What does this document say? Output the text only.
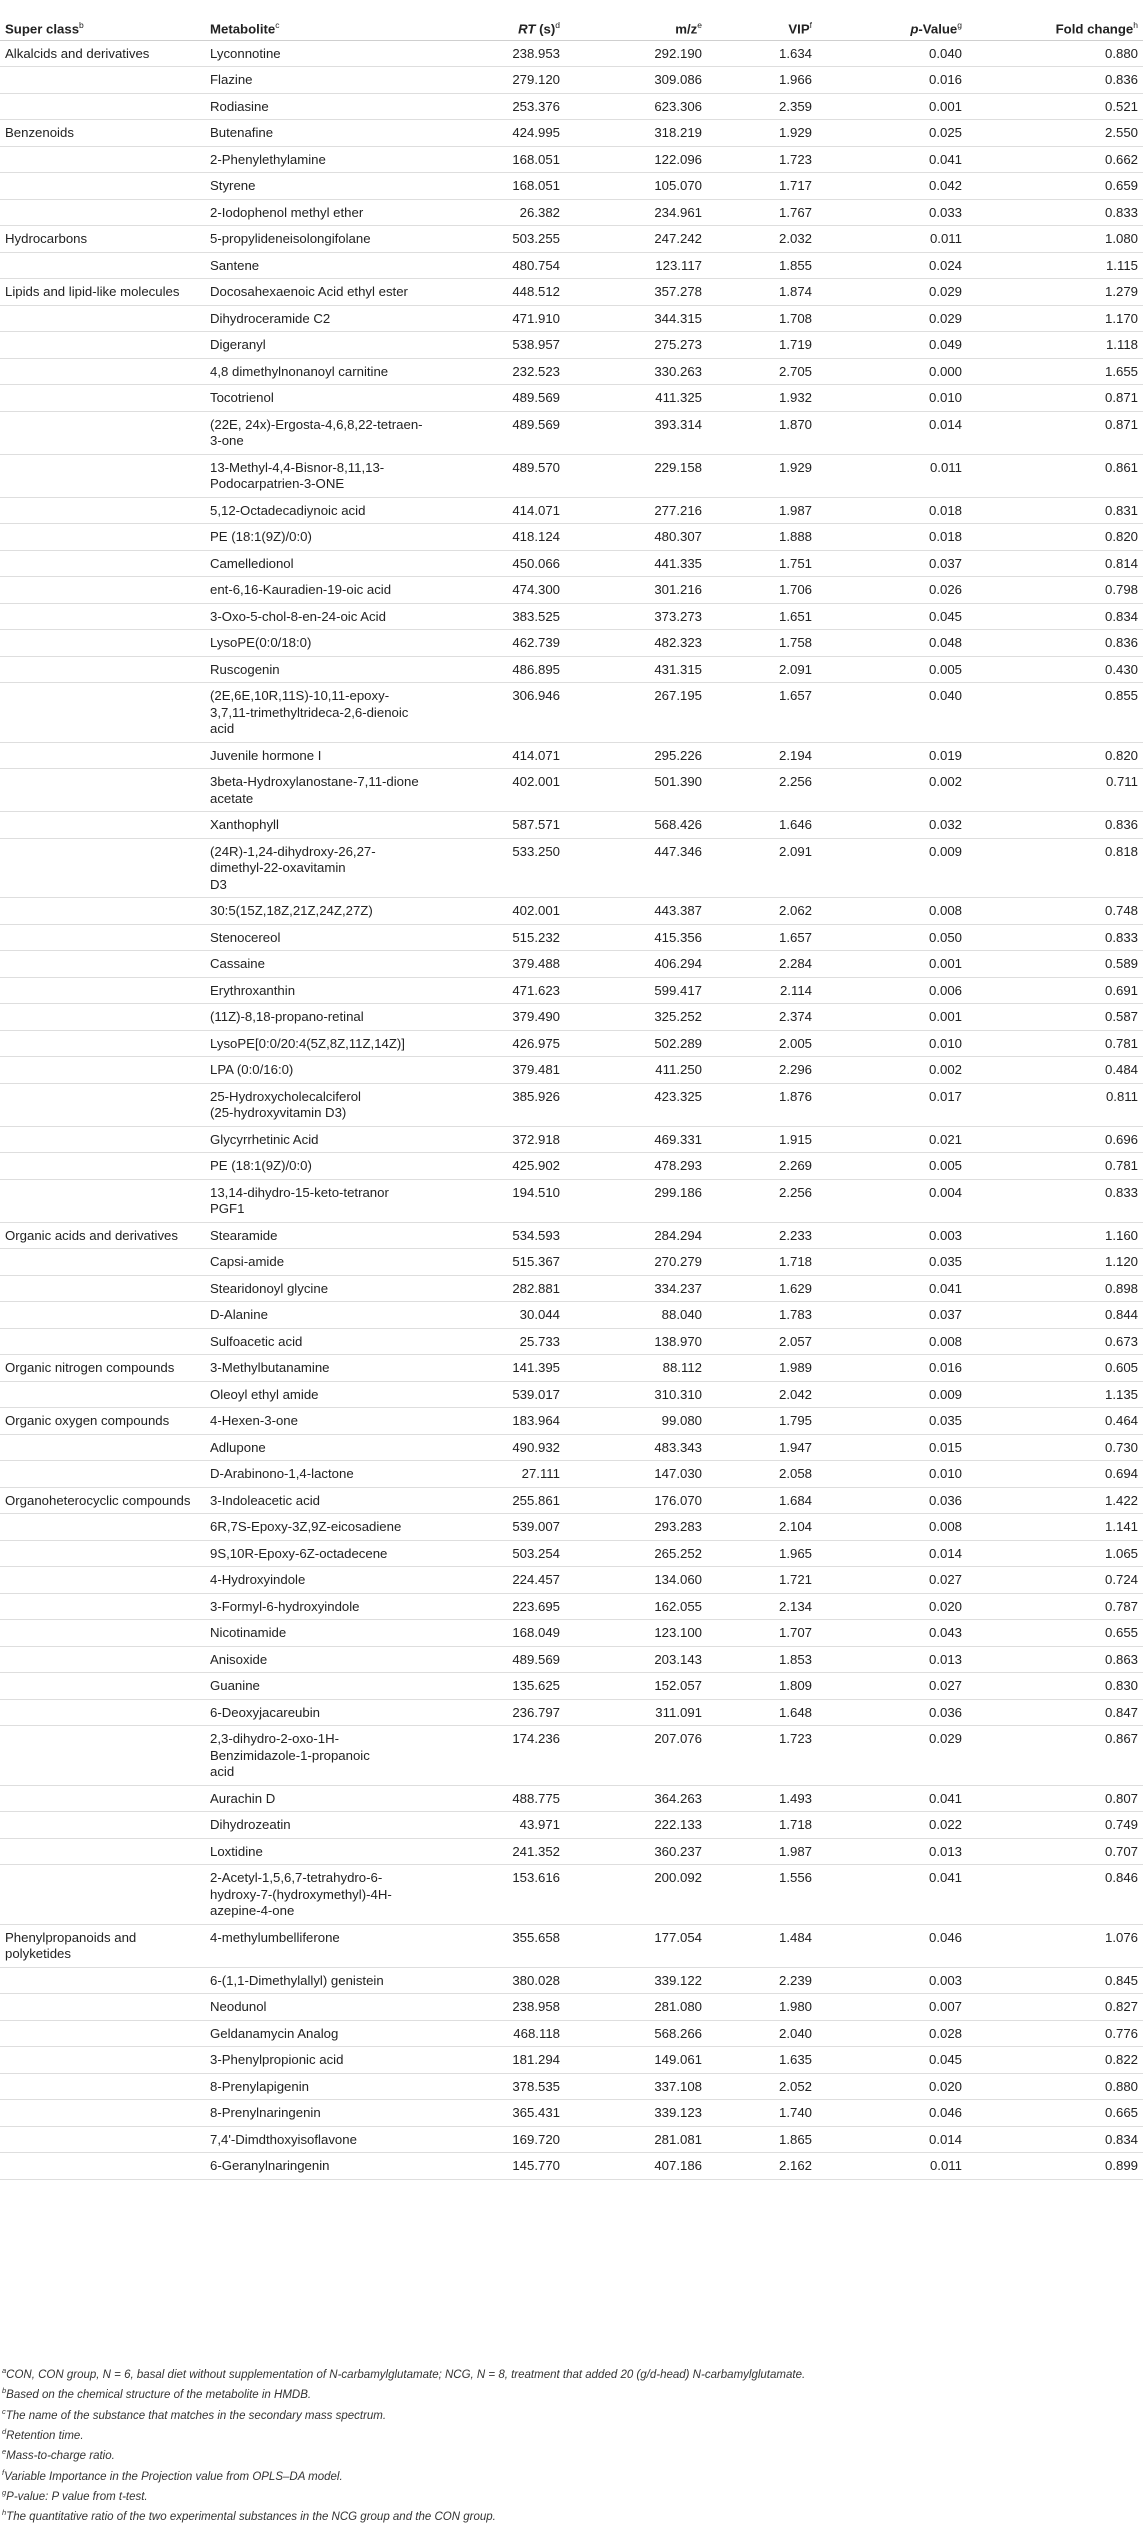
Super class$^b$	Metabolite$^c$	RT $(s)^d$	$m/z^e$	VIP$^f$	p-Value$^g$	Fold change$^h$
Alkalcids and derivatives	Lyconnotine	238.953	292.190	1.634	0.040	0.880
	Flazine	279.120	309.086	1.966	0.016	0.836
	Rodiasine	253.376	623.306	2.359	0.001	0.521
Benzenoids	Butenafine	424.995	318.219	1.929	0.025	2.550
	2-Phenylethylamine	168.051	122.096	1.723	0.041	0.662
	Styrene	168.051	105.070	1.717	0.042	0.659
	2-Iodophenol methyl ether	26.382	234.961	1.767	0.033	0.833
Hydrocarbons	5-propylideneisolongifolane	503.255	247.242	2.032	0.011	1.080
	Santene	480.754	123.117	1.855	0.024	1.115
Lipids and lipid-like molecules	Docosahexaenoic Acid ethyl ester	448.512	357.278	1.874	0.029	1.279
	Dihydroceramide C2	471.910	344.315	1.708	0.029	1.170
	Digeranyl	538.957	275.273	1.719	0.049	1.118
	4,8 dimethylnonanoyl carnitine	232.523	330.263	2.705	0.000	1.655
	Tocotrienol	489.569	411.325	1.932	0.010	0.871
	(22E, 24x)-Ergosta-4,6,8,22-tetraen-3-one	489.569	393.314	1.870	0.014	0.871
	13-Methyl-4,4-Bisnor-8,11,13-Podocarpatrien-3-ONE	489.570	229.158	1.929	0.011	0.861
	5,12-Octadecadiynoic acid	414.071	277.216	1.987	0.018	0.831
	PE (18:1(9Z)/0:0)	418.124	480.307	1.888	0.018	0.820
	Camelledionol	450.066	441.335	1.751	0.037	0.814
	ent-6,16-Kauradien-19-oic acid	474.300	301.216	1.706	0.026	0.798
	3-Oxo-5-chol-8-en-24-oic Acid	383.525	373.273	1.651	0.045	0.834
	LysoPE(0:0/18:0)	462.739	482.323	1.758	0.048	0.836
	Ruscogenin	486.895	431.315	2.091	0.005	0.430
	(2E,6E,10R,11S)-10,11-epoxy-3,7,11-trimethyltrideca-2,6-dienoic
acid	306.946	267.195	1.657	0.040	0.855
	Juvenile hormone I	414.071	295.226	2.194	0.019	0.820
	3beta-Hydroxylanostane-7,11-dione
acetate	402.001	501.390	2.256	0.002	0.711
	Xanthophyll	587.571	568.426	1.646	0.032	0.836
	(24R)-1,24-dihydroxy-26,27-dimethyl-22-oxavitamin
D3	533.250	447.346	2.091	0.009	0.818
	30:5(15Z,18Z,21Z,24Z,27Z)	402.001	443.387	2.062	0.008	0.748
	Stenocereol	515.232	415.356	1.657	0.050	0.833
	Cassaine	379.488	406.294	2.284	0.001	0.589
	Erythroxanthin	471.623	599.417	2.114	0.006	0.691
	(11Z)-8,18-propano-retinal	379.490	325.252	2.374	0.001	0.587
	LysoPE[0:0/20:4(5Z,8Z,11Z,14Z)]	426.975	502.289	2.005	0.010	0.781
	LPA (0:0/16:0)	379.481	411.250	2.296	0.002	0.484
	25-Hydroxycholecalciferol
(25-hydroxyvitamin D3)	385.926	423.325	1.876	0.017	0.811
	Glycyrrhetinic Acid	372.918	469.331	1.915	0.021	0.696
	PE (18:1(9Z)/0:0)	425.902	478.293	2.269	0.005	0.781
	13,14-dihydro-15-keto-tetranor PGF1	194.510	299.186	2.256	0.004	0.833
Organic acids and derivatives	Stearamide	534.593	284.294	2.233	0.003	1.160
	Capsi-amide	515.367	270.279	1.718	0.035	1.120
	Stearidonoyl glycine	282.881	334.237	1.629	0.041	0.898
	D-Alanine	30.044	88.040	1.783	0.037	0.844
	Sulfoacetic acid	25.733	138.970	2.057	0.008	0.673
Organic nitrogen compounds	3-Methylbutanamine	141.395	88.112	1.989	0.016	0.605
	Oleoyl ethyl amide	539.017	310.310	2.042	0.009	1.135
Organic oxygen compounds	4-Hexen-3-one	183.964	99.080	1.795	0.035	0.464
	Adlupone	490.932	483.343	1.947	0.015	0.730
	D-Arabinono-1,4-lactone	27.111	147.030	2.058	0.010	0.694
Organoheterocyclic compounds	3-Indoleacetic acid	255.861	176.070	1.684	0.036	1.422
	6R,7S-Epoxy-3Z,9Z-eicosadiene	539.007	293.283	2.104	0.008	1.141
	9S,10R-Epoxy-6Z-octadecene	503.254	265.252	1.965	0.014	1.065
	4-Hydroxyindole	224.457	134.060	1.721	0.027	0.724
	3-Formyl-6-hydroxyindole	223.695	162.055	2.134	0.020	0.787
	Nicotinamide	168.049	123.100	1.707	0.043	0.655
	Anisoxide	489.569	203.143	1.853	0.013	0.863
	Guanine	135.625	152.057	1.809	0.027	0.830
	6-Deoxyjacareubin	236.797	311.091	1.648	0.036	0.847
	2,3-dihydro-2-oxo-1H-Benzimidazole-1-propanoic
acid	174.236	207.076	1.723	0.029	0.867
	Aurachin D	488.775	364.263	1.493	0.041	0.807
	Dihydrozeatin	43.971	222.133	1.718	0.022	0.749
	Loxtidine	241.352	360.237	1.987	0.013	0.707
	2-Acetyl-1,5,6,7-tetrahydro-6-hydroxy-7-(hydroxymethyl)-4H-azepine-4-one	153.616	200.092	1.556	0.041	0.846
Phenylpropanoids and polyketides	4-methylumbelliferone	355.658	177.054	1.484	0.046	1.076
	6-(1,1-Dimethylallyl) genistein	380.028	339.122	2.239	0.003	0.845
	Neodunol	238.958	281.080	1.980	0.007	0.827
	Geldanamycin Analog	468.118	568.266	2.040	0.028	0.776
	3-Phenylpropionic acid	181.294	149.061	1.635	0.045	0.822
	8-Prenylapigenin	378.535	337.108	2.052	0.020	0.880
	8-Prenylnaringenin	365.431	339.123	1.740	0.046	0.665
	7,4'-Dimdthoxyisoflavone	169.720	281.081	1.865	0.014	0.834
	6-Geranylnaringenin	145.770	407.186	2.162	0.011	0.899
$^a$CON, CON group, N = 6, basal diet without supplementation of N-carbamylglutamate; NCG, N = 8, treatment that added 20 (g/d-head) N-carbamylglutamate.
$^b$Based on the chemical structure of the metabolite in HMDB.
$^c$The name of the substance that matches in the secondary mass spectrum.
$^d$Retention time.
$^e$Mass-to-charge ratio.
$^f$Variable Importance in the Projection value from OPLS–DA model.
$^g$P-value: P value from t-test.
$^h$The quantitative ratio of the two experimental substances in the NCG group and the CON group.
